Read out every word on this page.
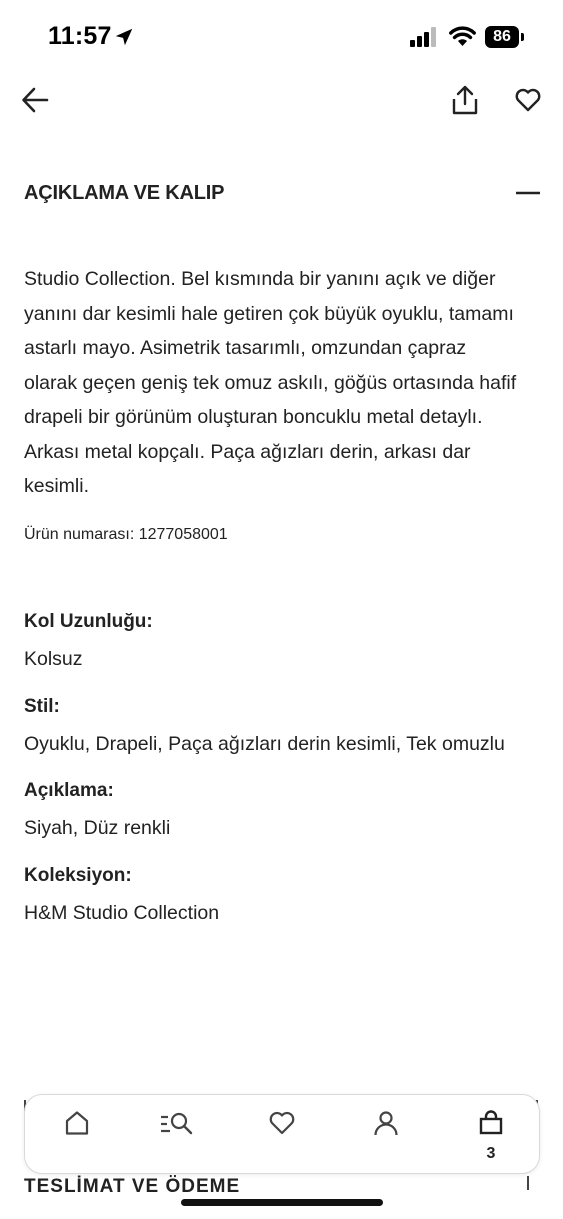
11:57	86
AÇIKLAMA VE KALIP

Studio Collection. Bel kısmında bir yanını açık ve diğer yanını dar kesimli hale getiren çok büyük oyuklu, tamamı astarlı mayo. Asimetrik tasarımlı, omzundan çapraz olarak geçen geniş tek omuz askılı, göğüs ortasında hafif drapeli bir görünüm oluşturan boncuklu metal detaylı. Arkası metal kopçalı. Paça ağızları derin, arkası dar kesimli.

Ürün numarası: 1277058001

Kol Uzunluğu:
Kolsuz
Stil:
Oyuklu, Drapeli, Paça ağızları derin kesimli, Tek omuzlu
Açıklama:
Siyah, Düz renkli
Koleksiyon:
H&M Studio Collection
TESLİMAT VE ÖDEME
3
